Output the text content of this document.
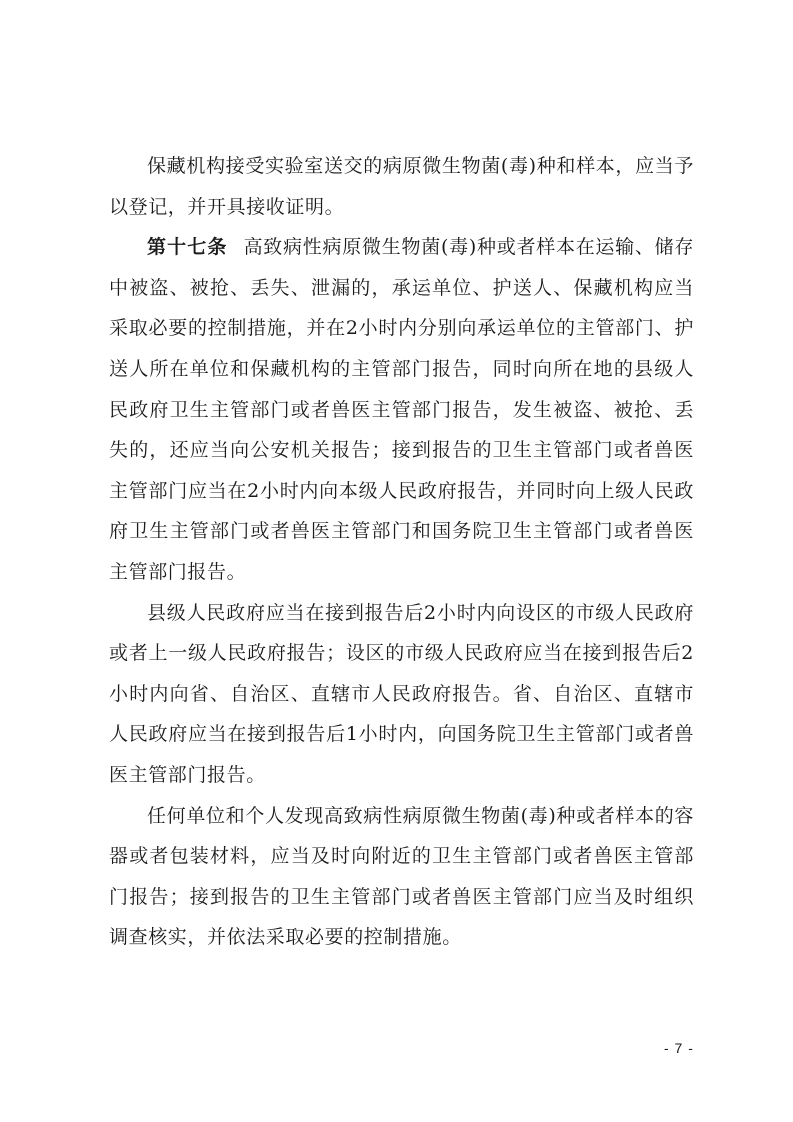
保藏机构接受实验室送交的病原微生物菌(毒)种和样本，应当予以登记，并开具接收证明。

第十七条 高致病性病原微生物菌(毒)种或者样本在运输、储存中被盗、被抢、丢失、泄漏的，承运单位、护送人、保藏机构应当采取必要的控制措施，并在2小时内分别向承运单位的主管部门、护送人所在单位和保藏机构的主管部门报告，同时向所在地的县级人民政府卫生主管部门或者兽医主管部门报告，发生被盗、被抢、丢失的，还应当向公安机关报告；接到报告的卫生主管部门或者兽医主管部门应当在2小时内向本级人民政府报告，并同时向上级人民政府卫生主管部门或者兽医主管部门和国务院卫生主管部门或者兽医主管部门报告。

县级人民政府应当在接到报告后2小时内向设区的市级人民政府或者上一级人民政府报告；设区的市级人民政府应当在接到报告后2小时内向省、自治区、直辖市人民政府报告。省、自治区、直辖市人民政府应当在接到报告后1小时内，向国务院卫生主管部门或者兽医主管部门报告。

任何单位和个人发现高致病性病原微生物菌(毒)种或者样本的容器或者包装材料，应当及时向附近的卫生主管部门或者兽医主管部门报告；接到报告的卫生主管部门或者兽医主管部门应当及时组织调查核实，并依法采取必要的控制措施。

- 7 -
